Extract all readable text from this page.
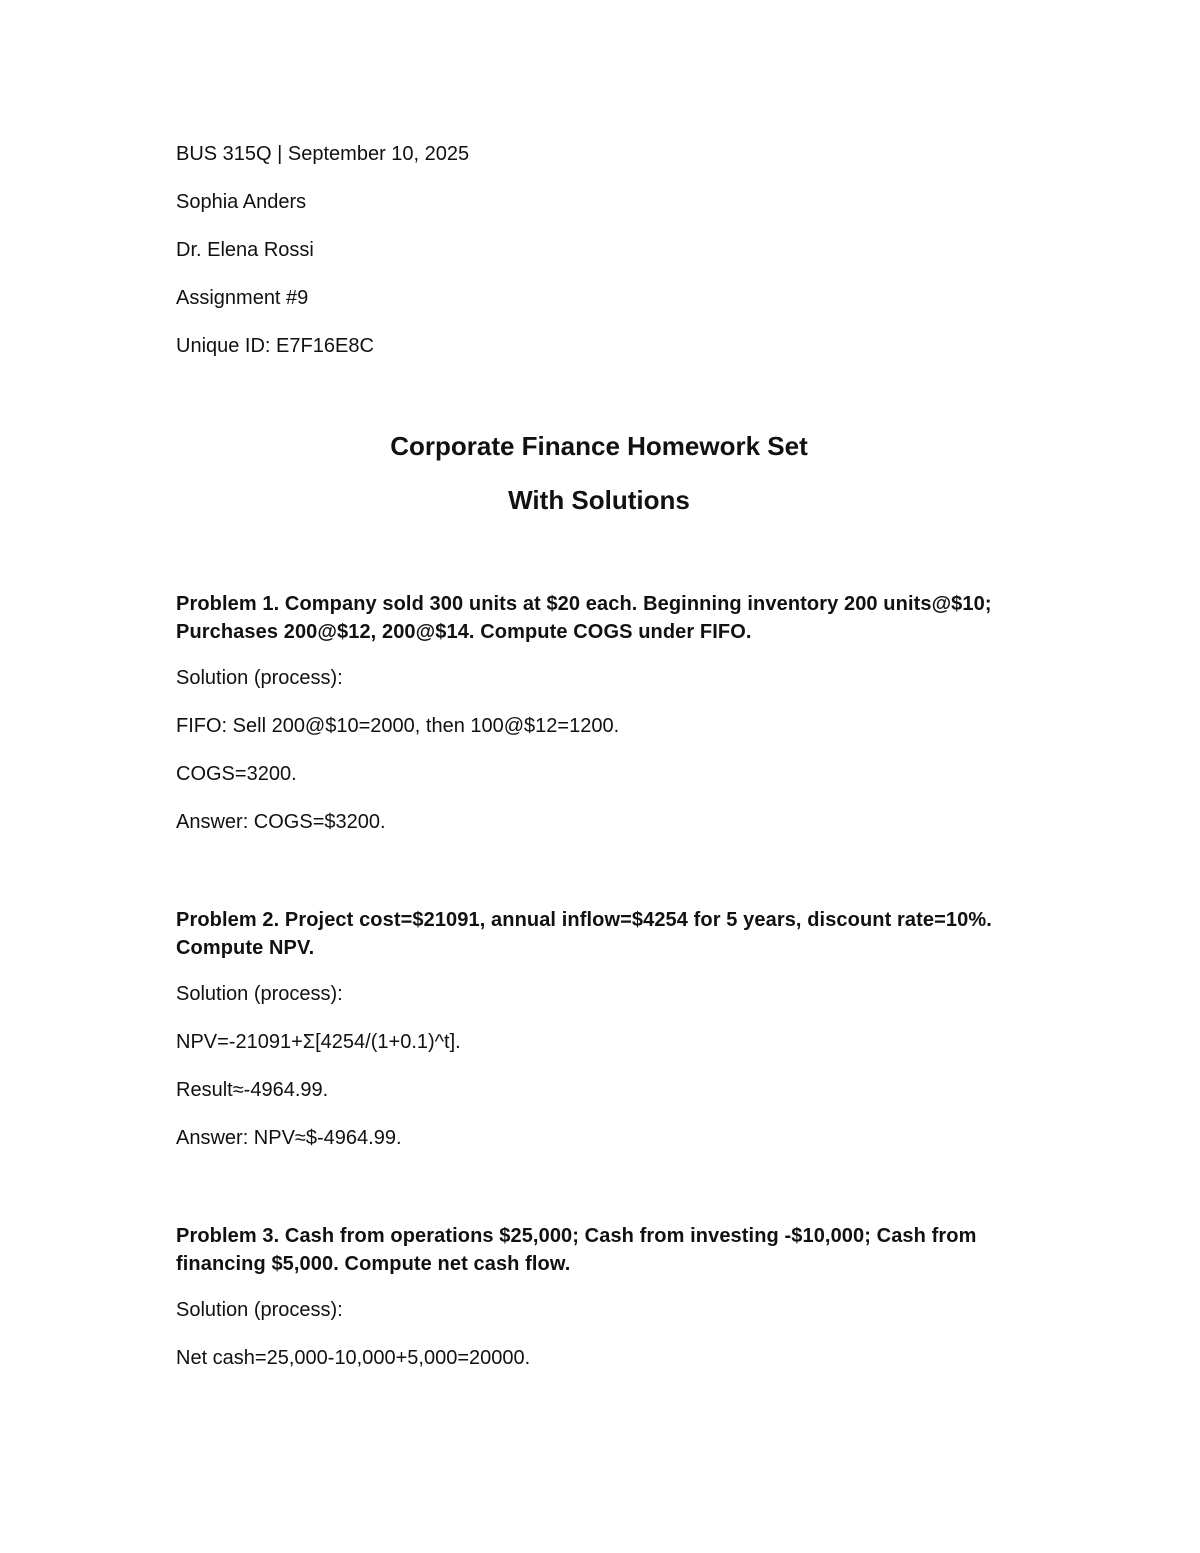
BUS 315Q | September 10, 2025

Sophia Anders

Dr. Elena Rossi

Assignment #9

Unique ID: E7F16E8C

Corporate Finance Homework Set

With Solutions

Problem 1. Company sold 300 units at $20 each. Beginning inventory 200 units@$10; Purchases 200@$12, 200@$14. Compute COGS under FIFO.

Solution (process):

FIFO: Sell 200@$10=2000, then 100@$12=1200.

COGS=3200.

Answer: COGS=$3200.

Problem 2. Project cost=$21091, annual inflow=$4254 for 5 years, discount rate=10%. Compute NPV.

Solution (process):

NPV=-21091+Σ[4254/(1+0.1)^t].

Result≈-4964.99.

Answer: NPV≈$-4964.99.

Problem 3. Cash from operations $25,000; Cash from investing -$10,000; Cash from financing $5,000. Compute net cash flow.

Solution (process):

Net cash=25,000-10,000+5,000=20000.
